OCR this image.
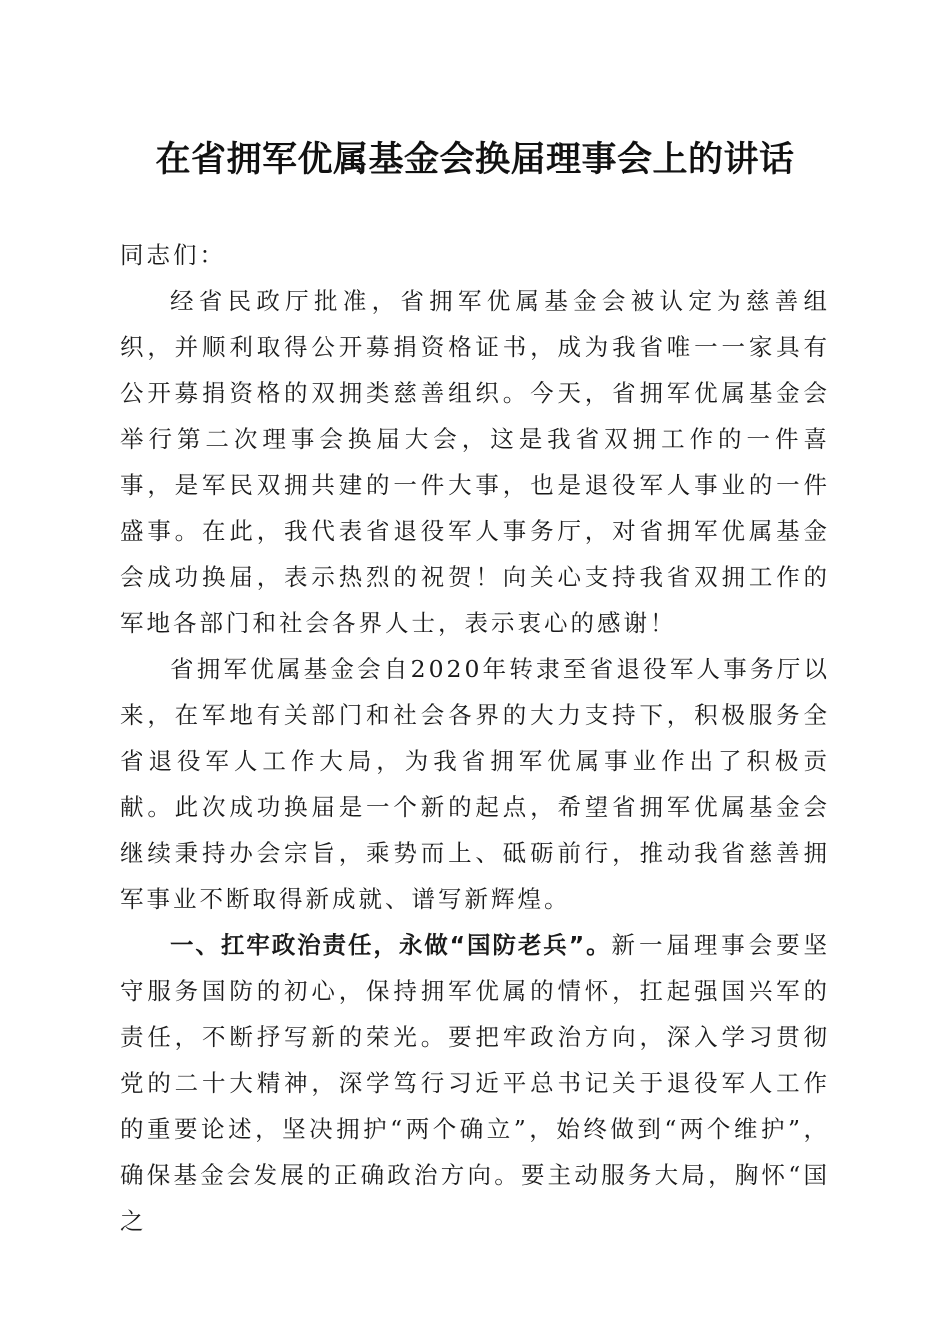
在省拥军优属基金会换届理事会上的讲话

同志们：

经省民政厅批准，省拥军优属基金会被认定为慈善组织，并顺利取得公开募捐资格证书，成为我省唯一一家具有公开募捐资格的双拥类慈善组织。今天，省拥军优属基金会举行第二次理事会换届大会，这是我省双拥工作的一件喜事，是军民双拥共建的一件大事，也是退役军人事业的一件盛事。在此，我代表省退役军人事务厅，对省拥军优属基金会成功换届，表示热烈的祝贺！向关心支持我省双拥工作的军地各部门和社会各界人士，表示衷心的感谢！

省拥军优属基金会自2020年转隶至省退役军人事务厅以来，在军地有关部门和社会各界的大力支持下，积极服务全省退役军人工作大局，为我省拥军优属事业作出了积极贡献。此次成功换届是一个新的起点，希望省拥军优属基金会继续秉持办会宗旨，乘势而上、砥砺前行，推动我省慈善拥军事业不断取得新成就、谱写新辉煌。

一、扛牢政治责任，永做“国防老兵”。新一届理事会要坚守服务国防的初心，保持拥军优属的情怀，扛起强国兴军的责任，不断抒写新的荣光。要把牢政治方向，深入学习贯彻党的二十大精神，深学笃行习近平总书记关于退役军人工作的重要论述，坚决拥护“两个确立”，始终做到“两个维护”，确保基金会发展的正确政治方向。要主动服务大局，胸怀“国之
